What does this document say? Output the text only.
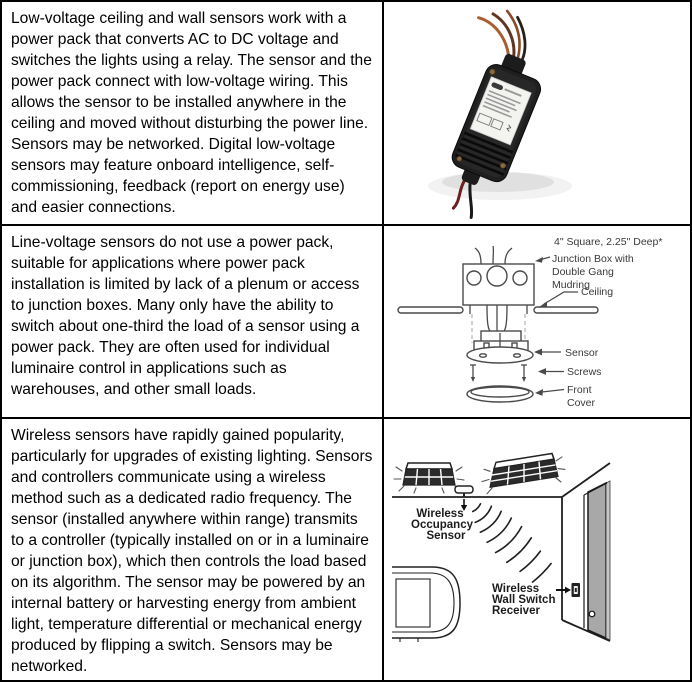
Low-voltage ceiling and wall sensors work with a power pack that converts AC to DC voltage and switches the lights using a relay. The sensor and the power pack connect with low-voltage wiring. This allows the sensor to be installed anywhere in the ceiling and moved without disturbing the power line. Sensors may be networked. Digital low-voltage sensors may feature onboard intelligence, self-commissioning, feedback (report on energy use) and easier connections.

Line-voltage sensors do not use a power pack, suitable for applications where power pack installation is limited by lack of a plenum or access to junction boxes. Many only have the ability to switch about one-third the load of a sensor using a power pack. They are often used for individual luminaire control in applications such as warehouses, and other small loads.

4" Square, 2.25" Deep*
Junction Box with
Double Gang
Mudring
Ceiling
Sensor
Screws
Front
Cover

Wireless sensors have rapidly gained popularity, particularly for upgrades of existing lighting. Sensors and controllers communicate using a wireless method such as a dedicated radio frequency. The sensor (installed anywhere within range) transmits to a controller (typically installed on or in a luminaire or junction box), which then controls the load based on its algorithm. The sensor may be powered by an internal battery or harvesting energy from ambient light, temperature differential or mechanical energy produced by flipping a switch. Sensors may be networked.

Wireless
Occupancy
Sensor
Wireless
Wall Switch
Receiver
